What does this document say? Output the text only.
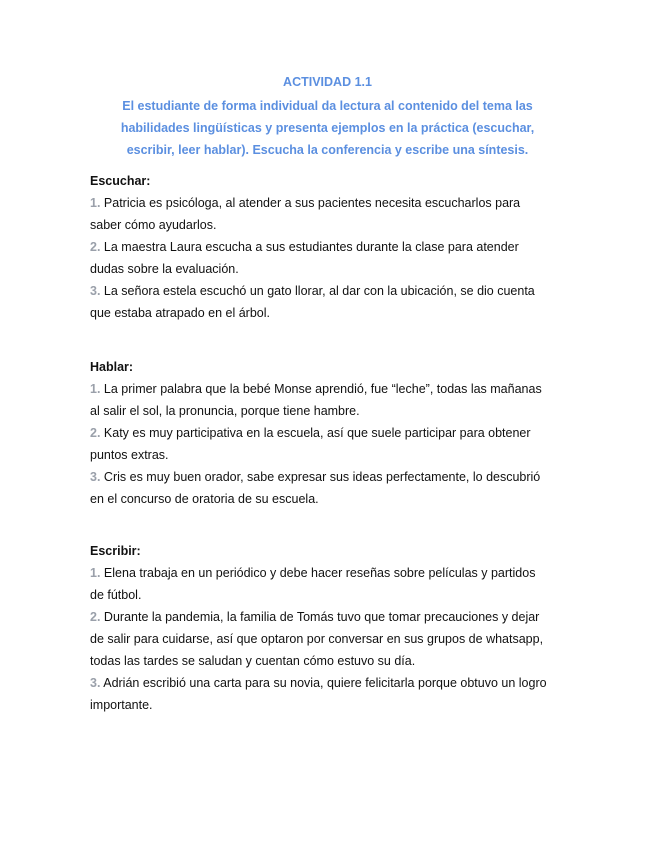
ACTIVIDAD 1.1
El estudiante de forma individual da lectura al contenido del tema las
habilidades lingüísticas y presenta ejemplos en la práctica (escuchar,
escribir, leer hablar). Escucha la conferencia y escribe una síntesis.
Escuchar:
1. Patricia es psicóloga, al atender a sus pacientes necesita escucharlos para
saber cómo ayudarlos.
2. La maestra Laura escucha a sus estudiantes durante la clase para atender
dudas sobre la evaluación.
3. La señora estela escuchó un gato llorar, al dar con la ubicación, se dio cuenta
que estaba atrapado en el árbol.
Hablar:
1. La primer palabra que la bebé Monse aprendió, fue “leche”, todas las mañanas
al salir el sol, la pronuncia, porque tiene hambre.
2. Katy es muy participativa en la escuela, así que suele participar para obtener
puntos extras.
3. Cris es muy buen orador, sabe expresar sus ideas perfectamente, lo descubrió
en el concurso de oratoria de su escuela.
Escribir:
1. Elena trabaja en un periódico y debe hacer reseñas sobre películas y partidos
de fútbol.
2. Durante la pandemia, la familia de Tomás tuvo que tomar precauciones y dejar
de salir para cuidarse, así que optaron por conversar en sus grupos de whatsapp,
todas las tardes se saludan y cuentan cómo estuvo su día.
3. Adrián escribió una carta para su novia, quiere felicitarla porque obtuvo un logro
importante.
